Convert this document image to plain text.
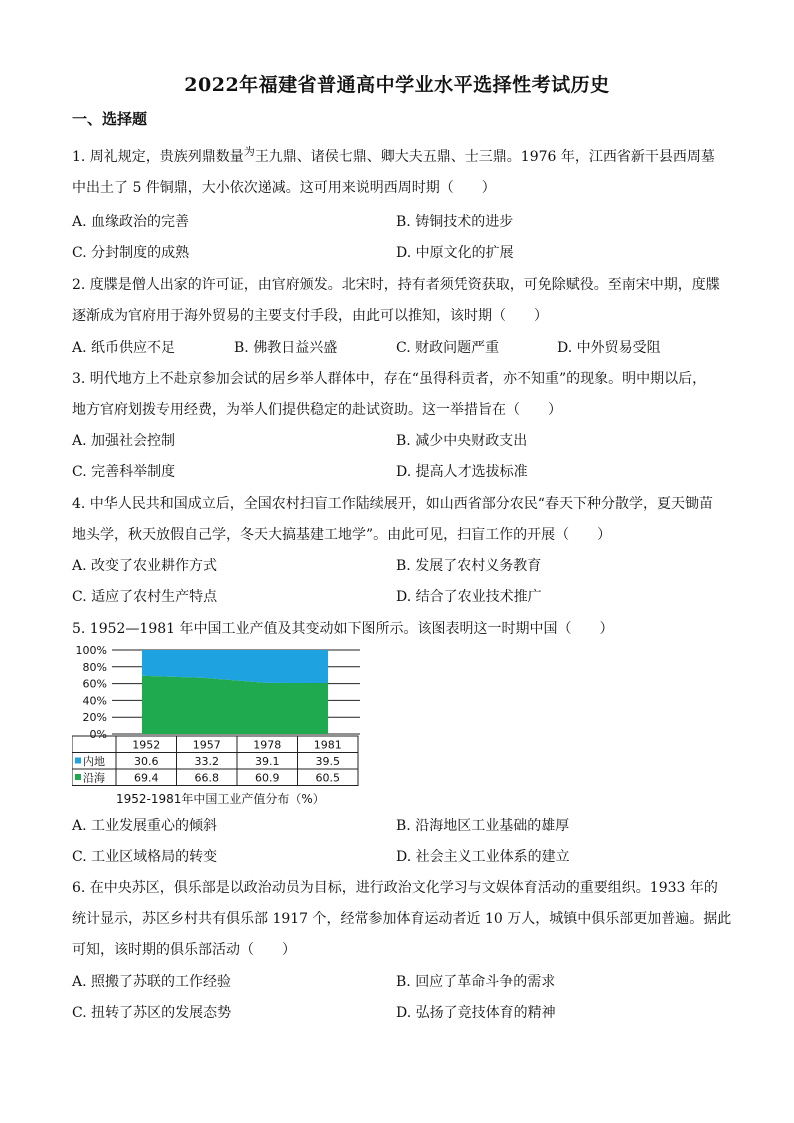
2022年福建省普通高中学业水平选择性考试历史
一、选择题
1. 周礼规定，贵族列鼎数量$^为$王九鼎、诸侯七鼎、卿大夫五鼎、士三鼎。1976 年，江西省新干县西周墓
中出土了 5 件铜鼎，大小依次递减。这可用来说明西周时期（　　）
A. 血缘政治的完善	B. 铸铜技术的进步
C. 分封制度的成熟	D. 中原文化的扩展
2. 度牒是僧人出家的许可证，由官府颁发。北宋时，持有者须凭资获取，可免除赋役。至南宋中期，度牒
逐渐成为官府用于海外贸易的主要支付手段，由此可以推知，该时期（　　）
A. 纸币供应不足	B. 佛教日益兴盛	C. 财政问题严重	D. 中外贸易受阻
3. 明代地方上不赴京参加会试的居乡举人群体中，存在“虽得科贡者，亦不知重”的现象。明中期以后，
地方官府划拨专用经费，为举人们提供稳定的赴试资助。这一举措旨在（　　）
A. 加强社会控制	B. 减少中央财政支出
C. 完善科举制度	D. 提高人才选拔标准
4. 中华人民共和国成立后，全国农村扫盲工作陆续展开，如山西省部分农民“春天下种分散学，夏天锄苗
地头学，秋天放假自己学，冬天大搞基建工地学”。由此可见，扫盲工作的开展（　　）
A. 改变了农业耕作方式	B. 发展了农村义务教育
C. 适应了农村生产特点	D. 结合了农业技术推广
5. 1952—1981 年中国工业产值及其变动如下图所示。该图表明这一时期中国（　　）
100%
80%
60%
40%
20%
0%
1952	1957	1978	1981
内地	30.6	33.2	39.1	39.5
沿海	69.4	66.8	60.9	60.5
1952-1981年中国工业产值分布（%）
A. 工业发展重心的倾斜	B. 沿海地区工业基础的雄厚
C. 工业区域格局的转变	D. 社会主义工业体系的建立
6. 在中央苏区，俱乐部是以政治动员为目标，进行政治文化学习与文娱体育活动的重要组织。1933 年的
统计显示，苏区乡村共有俱乐部 1917 个，经常参加体育运动者近 10 万人，城镇中俱乐部更加普遍。据此
可知，该时期的俱乐部活动（　　）
A. 照搬了苏联的工作经验	B. 回应了革命斗争的需求
C. 扭转了苏区的发展态势	D. 弘扬了竞技体育的精神
